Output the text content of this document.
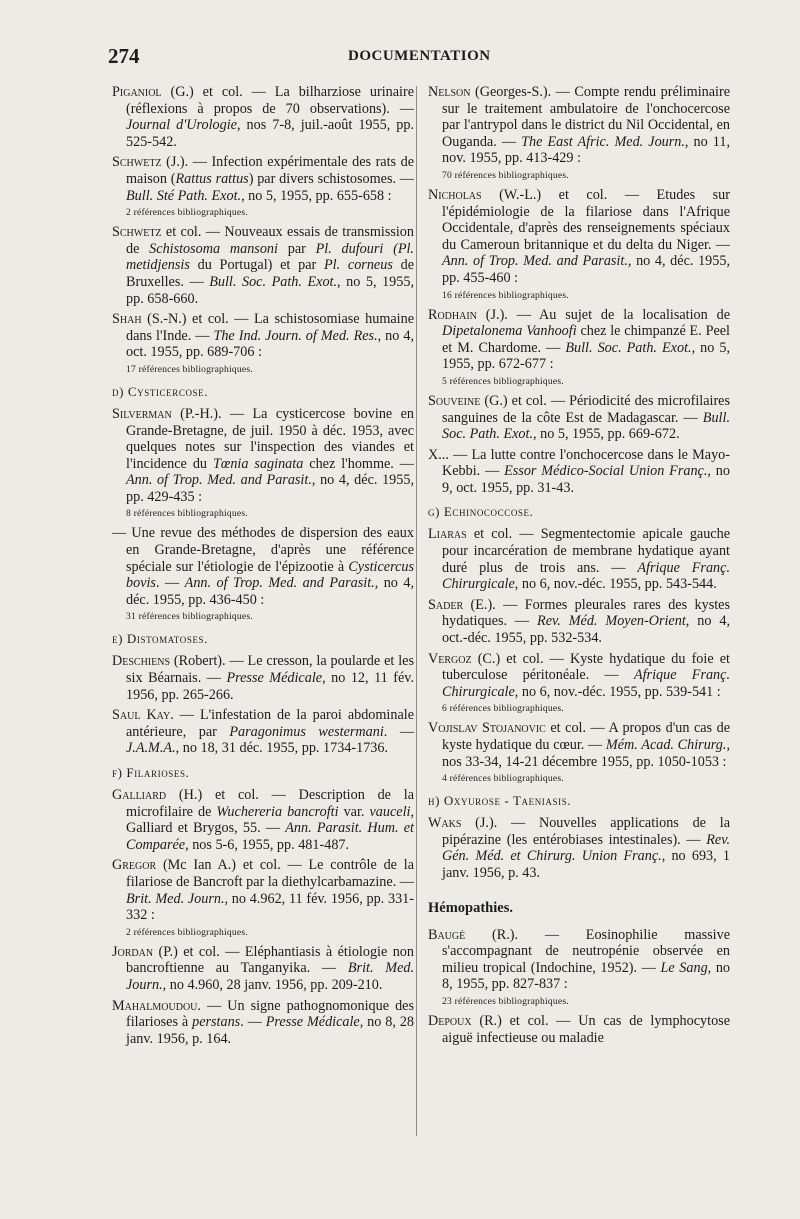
274	DOCUMENTATION

Piganiol (G.) et col. — La bilharziose urinaire (réflexions à propos de 70 observations). — Journal d'Urologie, nos 7-8, juil.-août 1955, pp. 525-542.

Schwetz (J.). — Infection expérimentale des rats de maison (Rattus rattus) par divers schistosomes. — Bull. Sté Path. Exot., no 5, 1955, pp. 655-658 :

2 références bibliographiques.

Schwetz et col. — Nouveaux essais de transmission de Schistosoma mansoni par Pl. dufouri (Pl. metidjensis du Portugal) et par Pl. corneus de Bruxelles. — Bull. Soc. Path. Exot., no 5, 1955, pp. 658-660.

Shah (S.-N.) et col. — La schistosomiase humaine dans l'Inde. — The Ind. Journ. of Med. Res., no 4, oct. 1955, pp. 689-706 :

17 références bibliographiques.
d) Cysticercose.

Silverman (P.-H.). — La cysticercose bovine en Grande-Bretagne, de juil. 1950 à déc. 1953, avec quelques notes sur l'inspection des viandes et l'incidence du Tœnia saginata chez l'homme. — Ann. of Trop. Med. and Parasit., no 4, déc. 1955, pp. 429-435 :

8 références bibliographiques.

— Une revue des méthodes de dispersion des eaux en Grande-Bretagne, d'après une référence spéciale sur l'étiologie de l'épizootie à Cysticercus bovis. — Ann. of Trop. Med. and Parasit., no 4, déc. 1955, pp. 436-450 :

31 références bibliographiques.
e) Distomatoses.

Deschiens (Robert). — Le cresson, la poularde et les six Béarnais. — Presse Médicale, no 12, 11 fév. 1956, pp. 265-266.

Saul Kay. — L'infestation de la paroi abdominale antérieure, par Paragonimus westermani. — J.A.M.A., no 18, 31 déc. 1955, pp. 1734-1736.

f) Filarioses.

Galliard (H.) et col. — Description de la microfilaire de Wuchereria bancrofti var. vauceli, Galliard et Brygos, 55. — Ann. Parasit. Hum. et Comparée, nos 5-6, 1955, pp. 481-487.

Gregor (Mc Ian A.) et col. — Le contrôle de la filariose de Bancroft par la diethylcarbamazine. — Brit. Med. Journ., no 4.962, 11 fév. 1956, pp. 331-332 :

2 références bibliographiques.

Jordan (P.) et col. — Eléphantiasis à étiologie non bancroftienne au Tanganyika. — Brit. Med. Journ., no 4.960, 28 janv. 1956, pp. 209-210.

Mahalmoudou. — Un signe pathognomonique des filarioses à perstans. — Presse Médicale, no 8, 28 janv. 1956, p. 164.

Nelson (Georges-S.). — Compte rendu préliminaire sur le traitement ambulatoire de l'onchocercose par l'antrypol dans le district du Nil Occidental, en Ouganda. — The East Afric. Med. Journ., no 11, nov. 1955, pp. 413-429 :

70 références bibliographiques.

Nicholas (W.-L.) et col. — Etudes sur l'épidémiologie de la filariose dans l'Afrique Occidentale, d'après des renseignements spéciaux du Cameroun britannique et du delta du Niger. — Ann. of Trop. Med. and Parasit., no 4, déc. 1955, pp. 455-460 :

16 références bibliographiques.

Rodhain (J.). — Au sujet de la localisation de Dipetalonema Vanhoofi chez le chimpanzé E. Peel et M. Chardome. — Bull. Soc. Path. Exot., no 5, 1955, pp. 672-677 :

5 références bibliographiques.

Souveine (G.) et col. — Périodicité des microfilaires sanguines de la côte Est de Madagascar. — Bull. Soc. Path. Exot., no 5, 1955, pp. 669-672.

X... — La lutte contre l'onchocercose dans le Mayo-Kebbi. — Essor Médico-Social Union Franç., no 9, oct. 1955, pp. 31-43.

g) Echinococcose.

Liaras et col. — Segmentectomie apicale gauche pour incarcération de membrane hydatique ayant duré plus de trois ans. — Afrique Franç. Chirurgicale, no 6, nov.-déc. 1955, pp. 543-544.

Sader (E.). — Formes pleurales rares des kystes hydatiques. — Rev. Méd. Moyen-Orient, no 4, oct.-déc. 1955, pp. 532-534.

Vergoz (C.) et col. — Kyste hydatique du foie et tuberculose péritonéale. — Afrique Franç. Chirurgicale, no 6, nov.-déc. 1955, pp. 539-541 :

6 références bibliographiques.

Vojislav Stojanovic et col. — A propos d'un cas de kyste hydatique du cœur. — Mém. Acad. Chirurg., nos 33-34, 14-21 décembre 1955, pp. 1050-1053 :

4 références bibliographiques.
h) Oxyurose - Taeniasis.

Waks (J.). — Nouvelles applications de la pipérazine (les entérobiases intestinales). — Rev. Gén. Méd. et Chirurg. Union Franç., no 693, 1 janv. 1956, p. 43.

Hémopathies.

Baugé (R.). — Eosinophilie massive s'accompagnant de neutropénie observée en milieu tropical (Indochine, 1952). — Le Sang, no 8, 1955, pp. 827-837 :

23 références bibliographiques.

Depoux (R.) et col. — Un cas de lymphocytose aiguë infectieuse ou maladie
